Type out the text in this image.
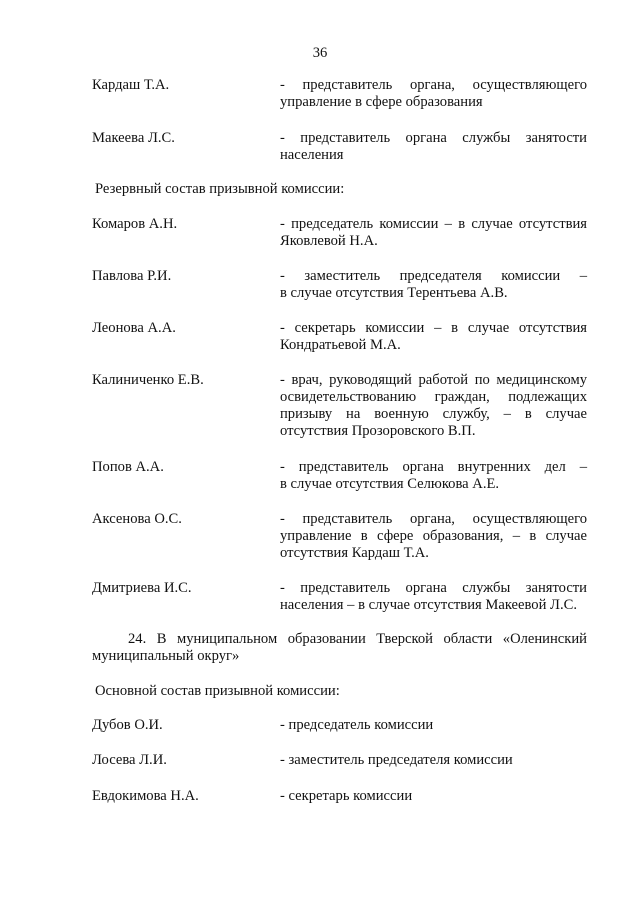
36
Кардаш Т.А.	- представитель органа, осуществляющего
управление в сфере образования
Макеева Л.С.	- представитель органа службы занятости
населения
Резервный состав призывной комиссии:
Комаров А.Н.	- председатель комиссии – в случае отсутствия
Яковлевой Н.А.
Павлова Р.И.	- заместитель председателя комиссии –
в случае отсутствия Терентьева А.В.
Леонова А.А.	- секретарь комиссии – в случае отсутствия
Кондратьевой М.А.
Калиниченко Е.В.	- врач, руководящий работой по медицинскому
освидетельствованию граждан, подлежащих
призыву на военную службу, – в случае
отсутствия Прозоровского В.П.
Попов А.А.	- представитель органа внутренних дел –
в случае отсутствия Селюкова А.Е.
Аксенова О.С.	- представитель органа, осуществляющего
управление в сфере образования, – в случае
отсутствия Кардаш Т.А.
Дмитриева И.С.	- представитель органа службы занятости
населения – в случае отсутствия Макеевой Л.С.
24. В муниципальном образовании Тверской области «Оленинский
муниципальный округ»
Основной состав призывной комиссии:
Дубов О.И.	- председатель комиссии
Лосева Л.И.	- заместитель председателя комиссии
Евдокимова Н.А.	- секретарь комиссии
